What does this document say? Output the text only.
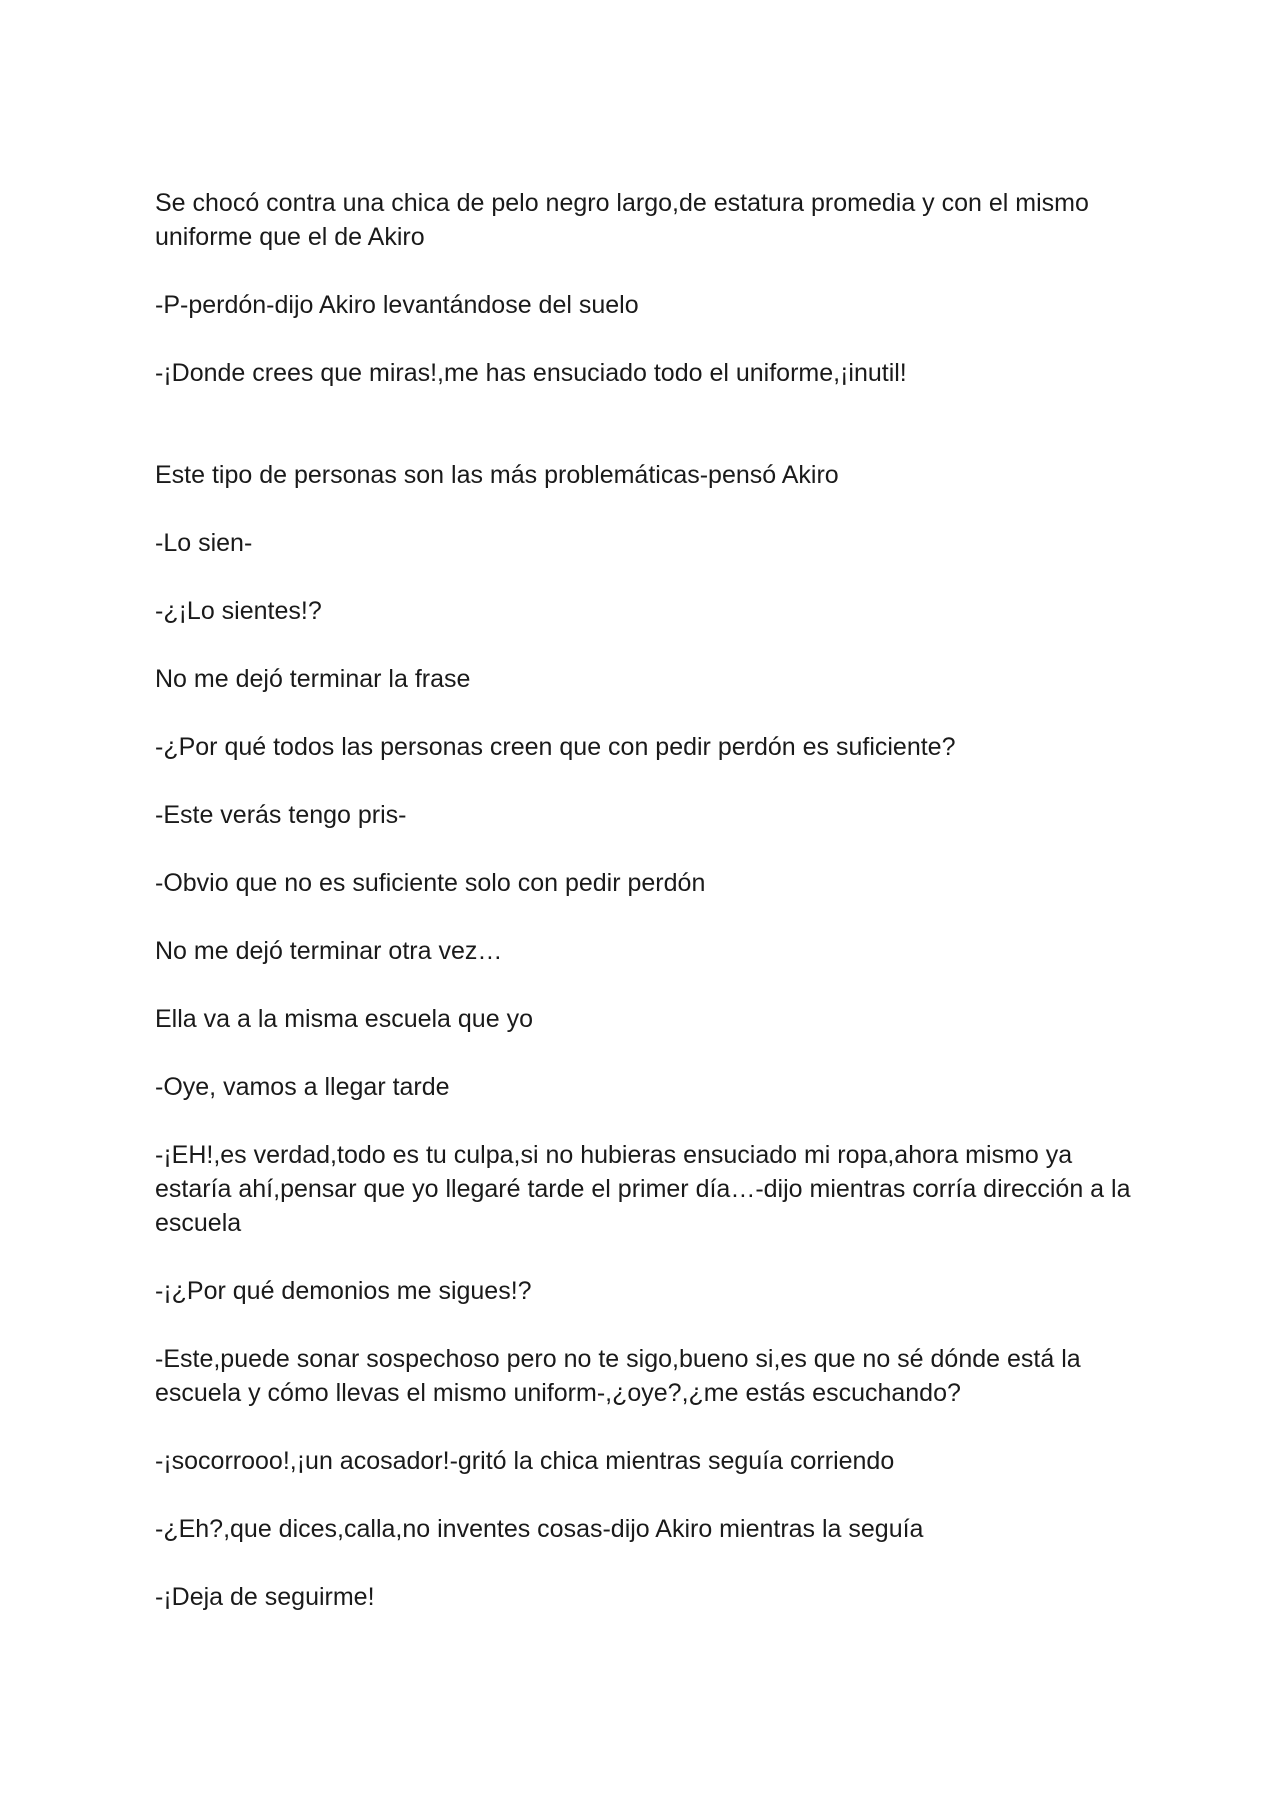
Se chocó contra una chica de pelo negro largo,de estatura promedia y con el mismo uniforme que el de Akiro

-P-perdón-dijo Akiro levantándose del suelo

-¡Donde crees que miras!,me has ensuciado todo el uniforme,¡inutil!

Este tipo de personas son las más problemáticas-pensó Akiro

-Lo sien-

-¿¡Lo sientes!?

No me dejó terminar la frase

-¿Por qué todos las personas creen que con pedir perdón es suficiente?

-Este verás tengo pris-

-Obvio que no es suficiente solo con pedir perdón

No me dejó terminar otra vez…

Ella va a la misma escuela que yo

-Oye, vamos a llegar tarde

-¡EH!,es verdad,todo es tu culpa,si no hubieras ensuciado mi ropa,ahora mismo ya estaría ahí,pensar que yo llegaré tarde el primer día…-dijo mientras corría dirección a la escuela

-¡¿Por qué demonios me sigues!?

-Este,puede sonar sospechoso pero no te sigo,bueno si,es que no sé dónde está la escuela y cómo llevas el mismo uniform-,¿oye?,¿me estás escuchando?

-¡socorrooo!,¡un acosador!-gritó la chica mientras seguía corriendo

-¿Eh?,que dices,calla,no inventes cosas-dijo Akiro mientras la seguía

-¡Deja de seguirme!
